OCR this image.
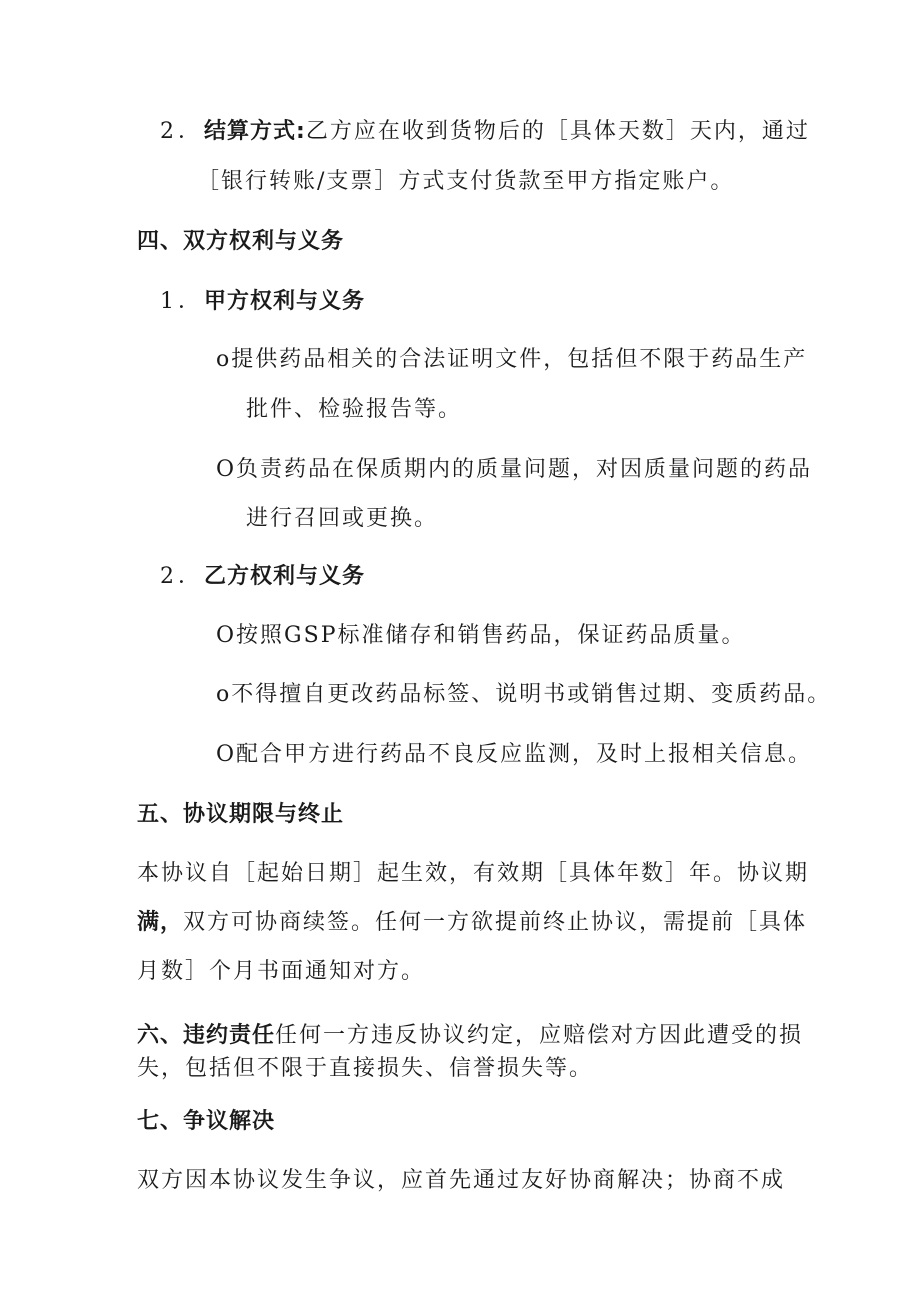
2．结算方式:乙方应在收到货物后的［具体天数］天内，通过
［银行转账/支票］方式支付货款至甲方指定账户。
四、双方权利与义务
1．甲方权利与义务
o提供药品相关的合法证明文件，包括但不限于药品生产
批件、检验报告等。
O负责药品在保质期内的质量问题，对因质量问题的药品
进行召回或更换。
2．乙方权利与义务
O按照GSP标准储存和销售药品，保证药品质量。
o不得擅自更改药品标签、说明书或销售过期、变质药品。
O配合甲方进行药品不良反应监测，及时上报相关信息。
五、协议期限与终止
本协议自［起始日期］起生效，有效期［具体年数］年。协议期
满，双方可协商续签。任何一方欲提前终止协议，需提前［具体
月数］个月书面通知对方。
六、违约责任任何一方违反协议约定，应赔偿对方因此遭受的损
失，包括但不限于直接损失、信誉损失等。
七、争议解决
双方因本协议发生争议，应首先通过友好协商解决；协商不成
